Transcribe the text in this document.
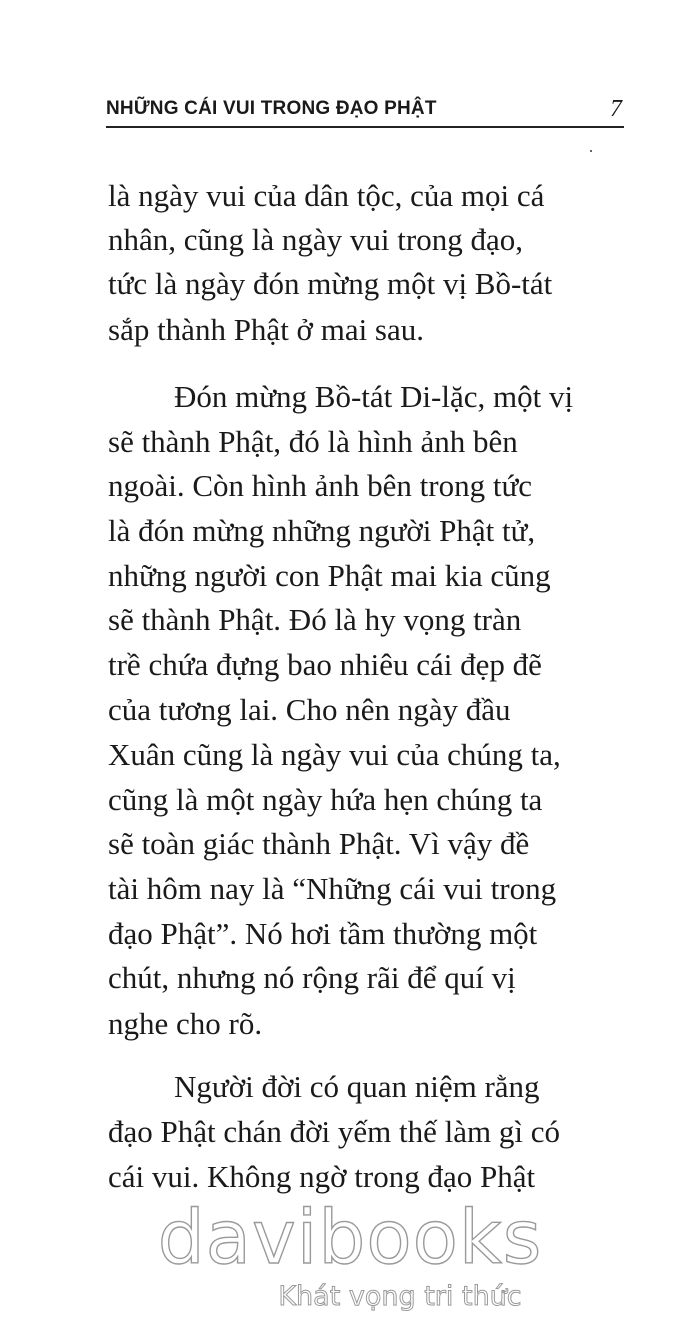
NHỮNG CÁI VUI TRONG ĐẠO PHẬT	7
là ngày vui của dân tộc, của mọi cá
nhân, cũng là ngày vui trong đạo,
tức là ngày đón mừng một vị Bồ-tát
sắp thành Phật ở mai sau.
Đón mừng Bồ-tát Di-lặc, một vị
sẽ thành Phật, đó là hình ảnh bên
ngoài. Còn hình ảnh bên trong tức
là đón mừng những người Phật tử,
những người con Phật mai kia cũng
sẽ thành Phật. Đó là hy vọng tràn
trề chứa đựng bao nhiêu cái đẹp đẽ
của tương lai. Cho nên ngày đầu
Xuân cũng là ngày vui của chúng ta,
cũng là một ngày hứa hẹn chúng ta
sẽ toàn giác thành Phật. Vì vậy đề
tài hôm nay là “Những cái vui trong
đạo Phật”. Nó hơi tầm thường một
chút, nhưng nó rộng rãi để quí vị
nghe cho rõ.
Người đời có quan niệm rằng
đạo Phật chán đời yếm thế làm gì có
cái vui. Không ngờ trong đạo Phật
davibooks
Khát vọng tri thức
